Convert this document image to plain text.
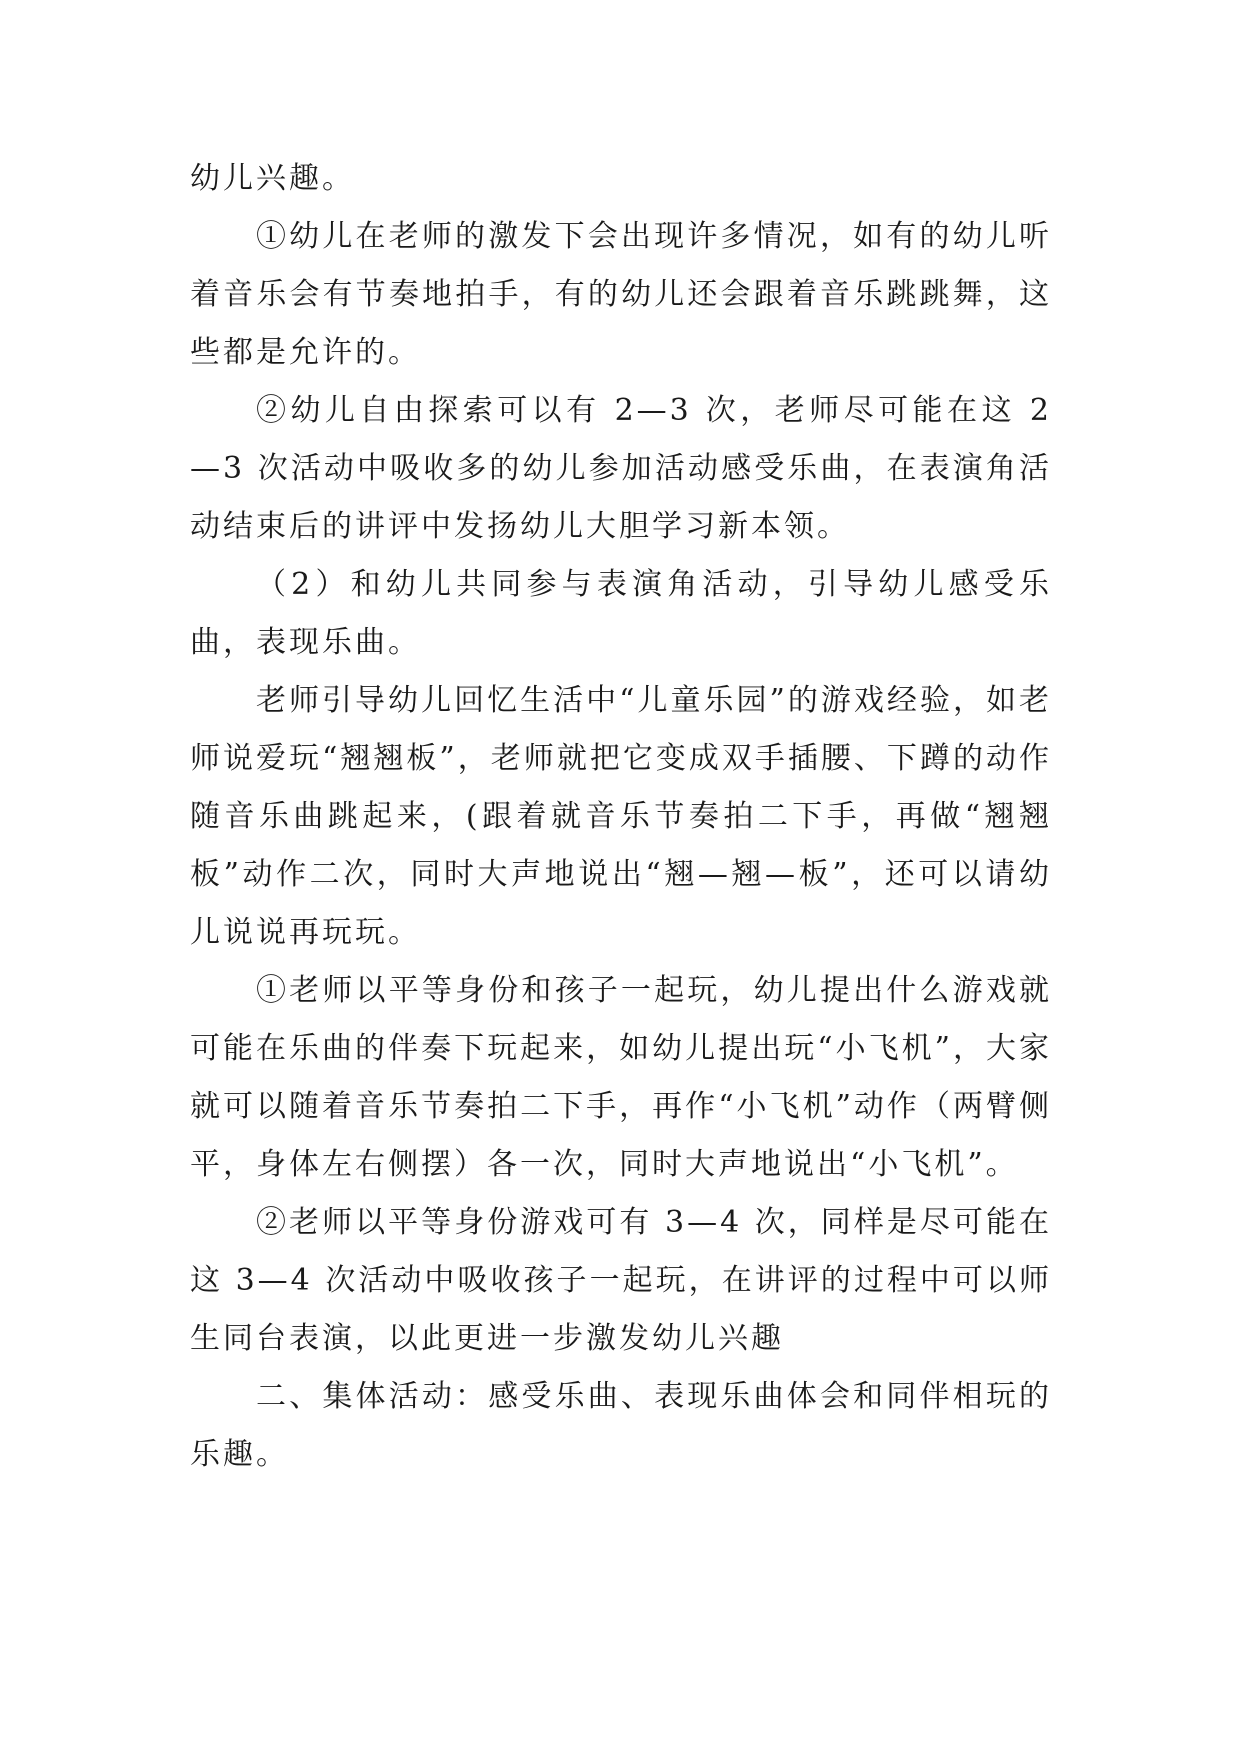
幼儿兴趣。

①幼儿在老师的激发下会出现许多情况，如有的幼儿听着音乐会有节奏地拍手，有的幼儿还会跟着音乐跳跳舞，这些都是允许的。

②幼儿自由探索可以有 2—3 次，老师尽可能在这 2—3 次活动中吸收多的幼儿参加活动感受乐曲，在表演角活动结束后的讲评中发扬幼儿大胆学习新本领。

（2）和幼儿共同参与表演角活动，引导幼儿感受乐曲，表现乐曲。

老师引导幼儿回忆生活中“儿童乐园”的游戏经验，如老师说爱玩“翘翘板”，老师就把它变成双手插腰、下蹲的动作随音乐曲跳起来，(跟着就音乐节奏拍二下手，再做“翘翘板”动作二次，同时大声地说出“翘—翘—板”，还可以请幼儿说说再玩玩。

①老师以平等身份和孩子一起玩，幼儿提出什么游戏就可能在乐曲的伴奏下玩起来，如幼儿提出玩“小飞机”，大家就可以随着音乐节奏拍二下手，再作“小飞机”动作（两臂侧平，身体左右侧摆）各一次，同时大声地说出“小飞机”。

②老师以平等身份游戏可有 3—4 次，同样是尽可能在这 3—4 次活动中吸收孩子一起玩，在讲评的过程中可以师生同台表演，以此更进一步激发幼儿兴趣

二、集体活动：感受乐曲、表现乐曲体会和同伴相玩的乐趣。
